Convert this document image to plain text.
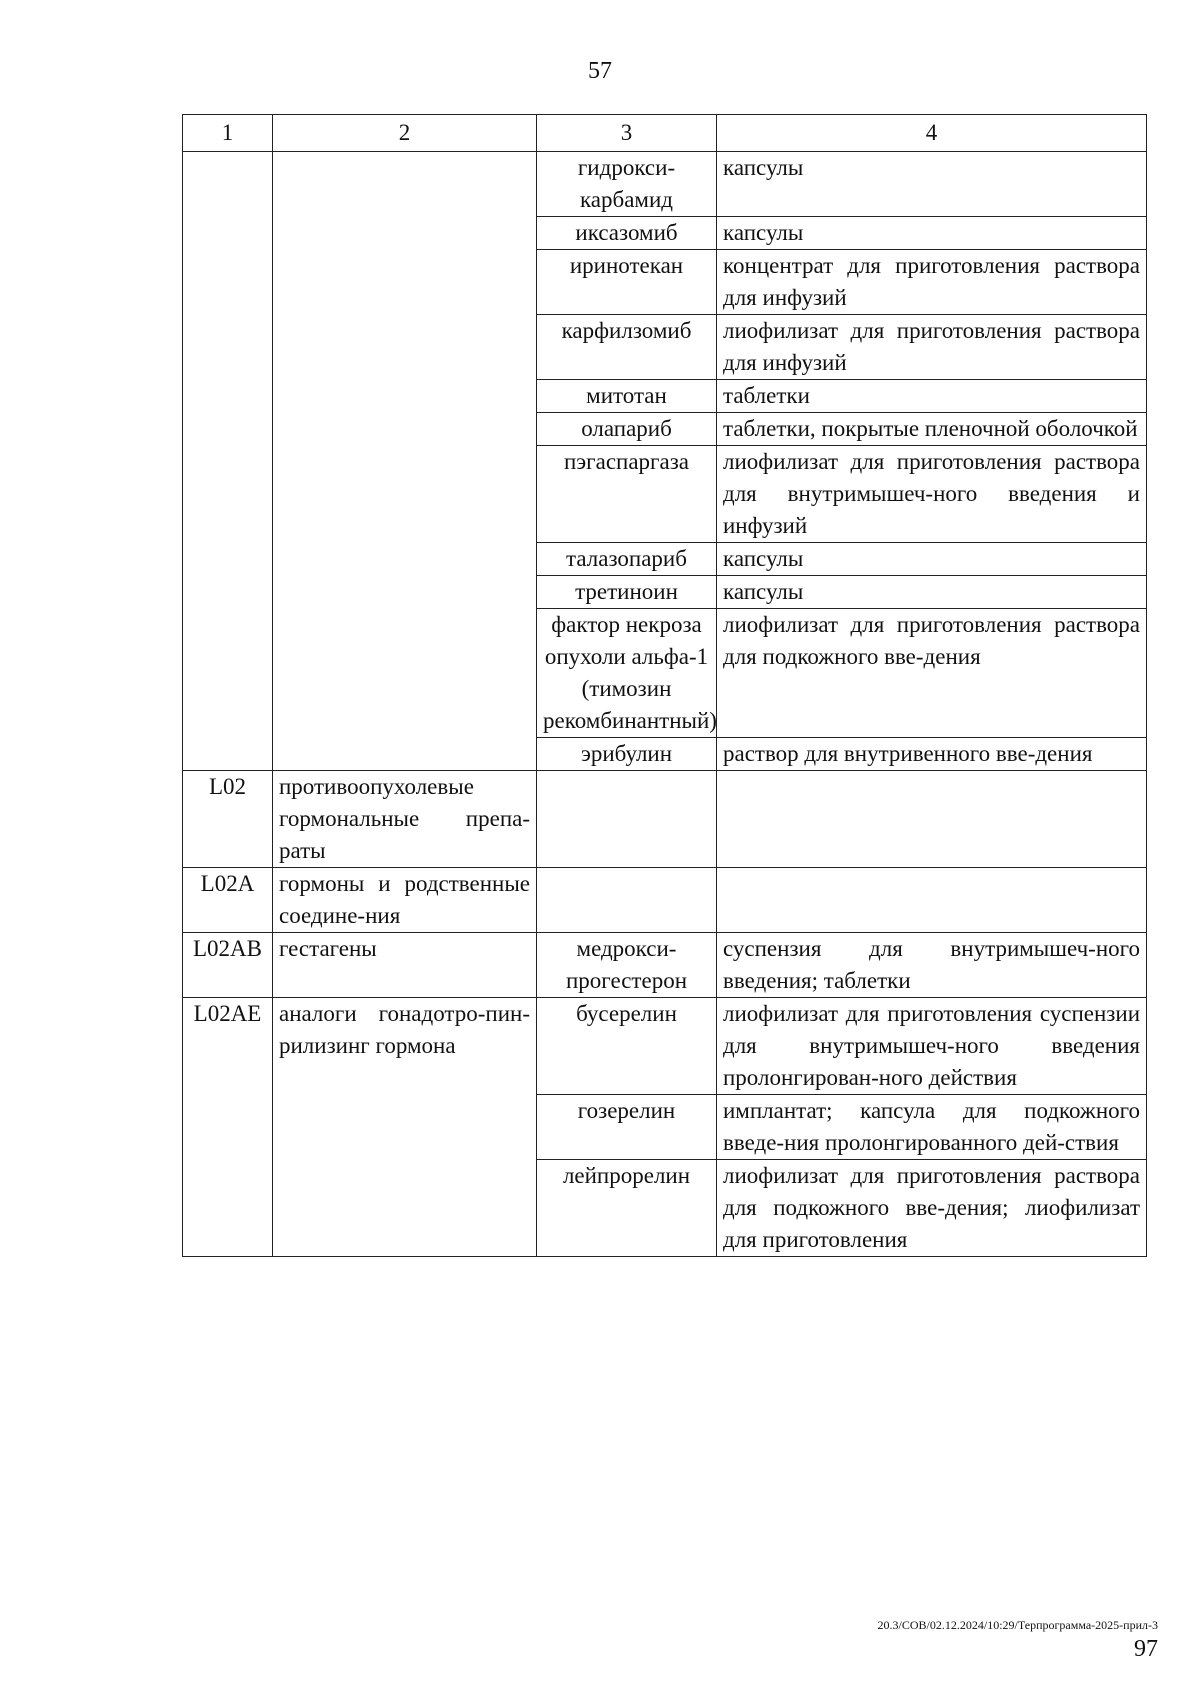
57
1	2	3	4
		гидрокси-карбамид	капсулы
		иксазомиб	капсулы
		иринотекан	концентрат для приготовления раствора для инфузий
		карфилзомиб	лиофилизат для приготовления раствора для инфузий
		митотан	таблетки
		олапариб	таблетки, покрытые пленочной оболочкой
		пэгаспаргаза	лиофилизат для приготовления раствора для внутримышеч-ного введения и инфузий
		талазопариб	капсулы
		третиноин	капсулы
		фактор некроза опухоли альфа-1 (тимозин рекомбинантный)	лиофилизат для приготовления раствора для подкожного вве-дения
		эрибулин	раствор для внутривенного вве-дения
L02	противоопухолевые гормональные препа-раты		
L02A	гормоны и родственные соедине-ния		
L02AB	гестагены	медрокси-прогестерон	суспензия для внутримышеч-ного введения; таблетки
L02AE	аналоги гонадотро-пин-рилизинг гормона	бусерелин	лиофилизат для приготовления суспензии для внутримышеч-ного введения пролонгирован-ного действия
		гозерелин	имплантат; капсула для подкожного введе-ния пролонгированного дей-ствия
		лейпрорелин	лиофилизат для приготовления раствора для подкожного вве-дения; лиофилизат для приготовления
20.3/СОВ/02.12.2024/10:29/Терпрограмма-2025-прил-3
97
